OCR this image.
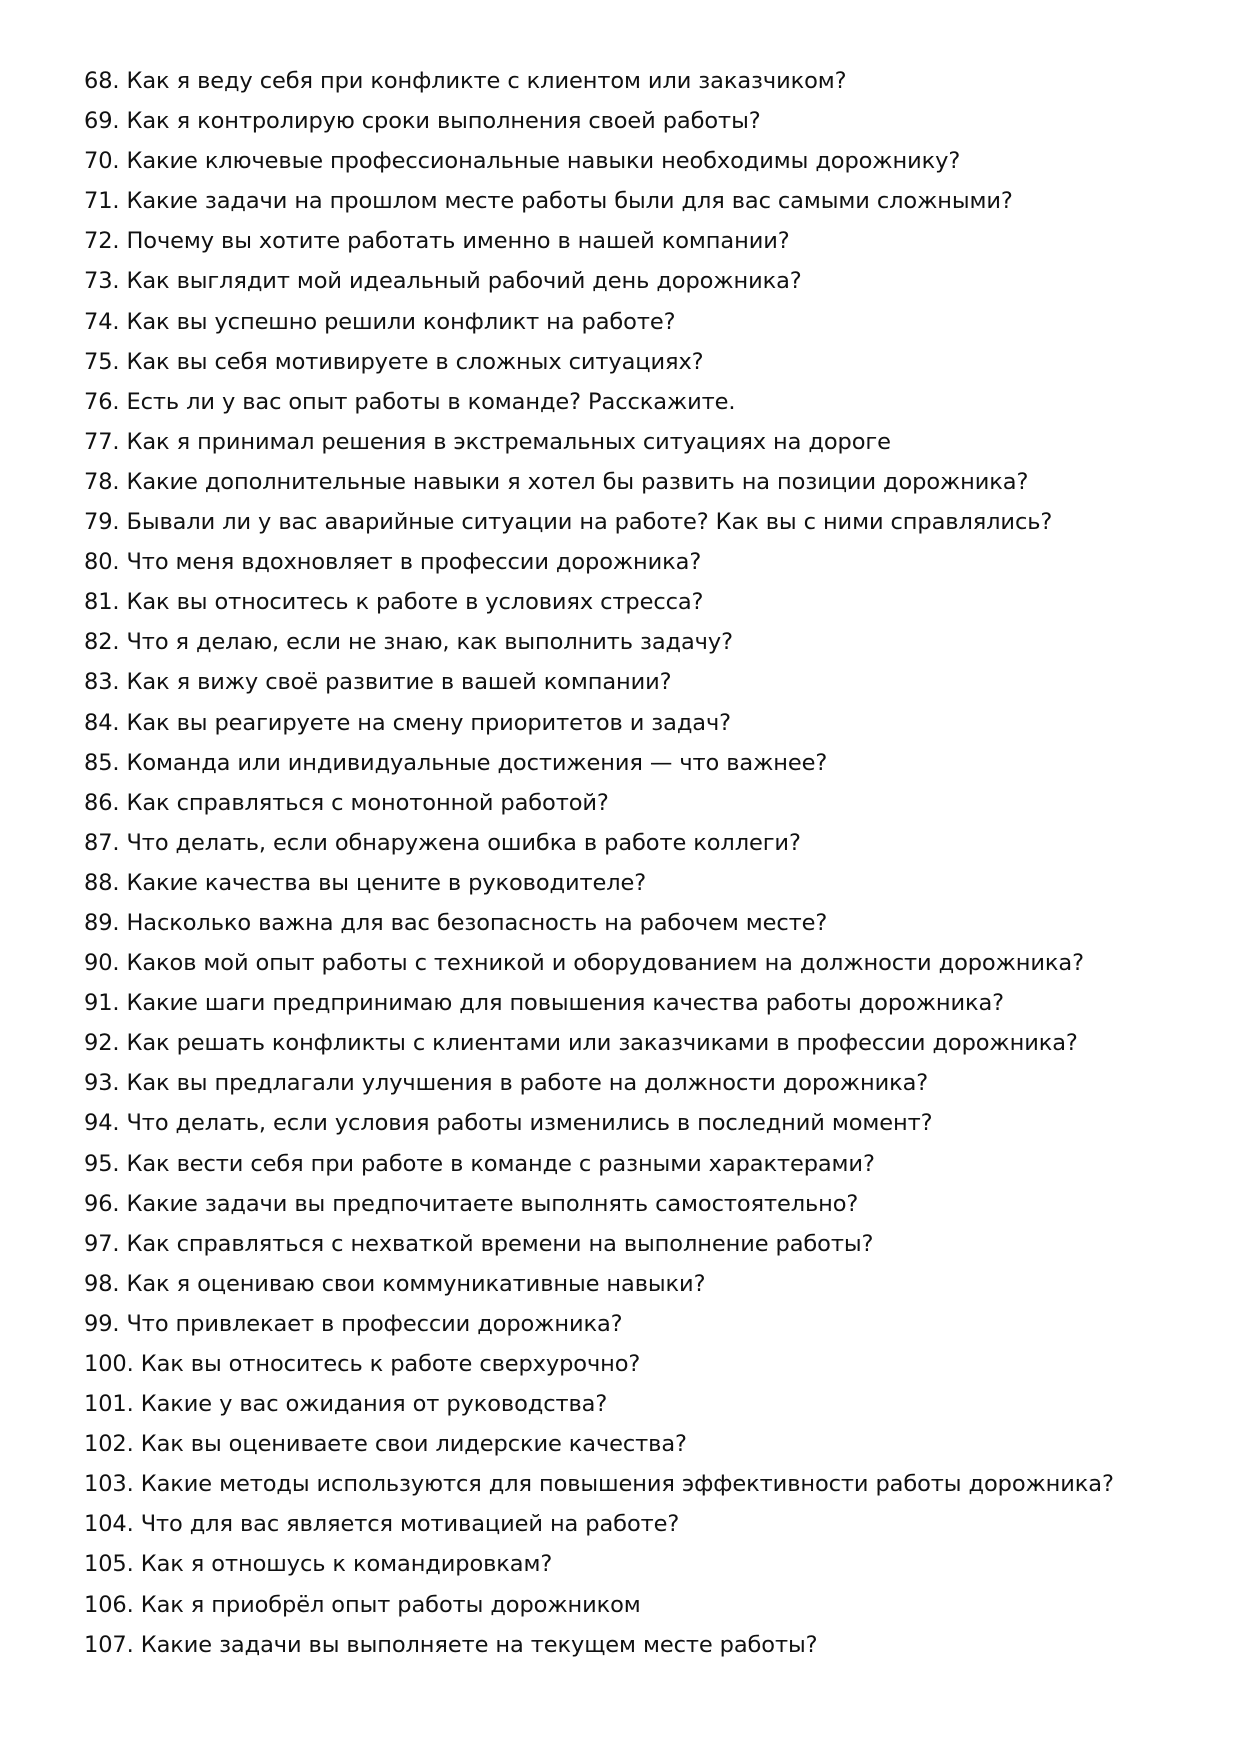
68. Как я веду себя при конфликте с клиентом или заказчиком?
69. Как я контролирую сроки выполнения своей работы?
70. Какие ключевые профессиональные навыки необходимы дорожнику?
71. Какие задачи на прошлом месте работы были для вас самыми сложными?
72. Почему вы хотите работать именно в нашей компании?
73. Как выглядит мой идеальный рабочий день дорожника?
74. Как вы успешно решили конфликт на работе?
75. Как вы себя мотивируете в сложных ситуациях?
76. Есть ли у вас опыт работы в команде? Расскажите.
77. Как я принимал решения в экстремальных ситуациях на дороге
78. Какие дополнительные навыки я хотел бы развить на позиции дорожника?
79. Бывали ли у вас аварийные ситуации на работе? Как вы с ними справлялись?
80. Что меня вдохновляет в профессии дорожника?
81. Как вы относитесь к работе в условиях стресса?
82. Что я делаю, если не знаю, как выполнить задачу?
83. Как я вижу своё развитие в вашей компании?
84. Как вы реагируете на смену приоритетов и задач?
85. Команда или индивидуальные достижения — что важнее?
86. Как справляться с монотонной работой?
87. Что делать, если обнаружена ошибка в работе коллеги?
88. Какие качества вы цените в руководителе?
89. Насколько важна для вас безопасность на рабочем месте?
90. Каков мой опыт работы с техникой и оборудованием на должности дорожника?
91. Какие шаги предпринимаю для повышения качества работы дорожника?
92. Как решать конфликты с клиентами или заказчиками в профессии дорожника?
93. Как вы предлагали улучшения в работе на должности дорожника?
94. Что делать, если условия работы изменились в последний момент?
95. Как вести себя при работе в команде с разными характерами?
96. Какие задачи вы предпочитаете выполнять самостоятельно?
97. Как справляться с нехваткой времени на выполнение работы?
98. Как я оцениваю свои коммуникативные навыки?
99. Что привлекает в профессии дорожника?
100. Как вы относитесь к работе сверхурочно?
101. Какие у вас ожидания от руководства?
102. Как вы оцениваете свои лидерские качества?
103. Какие методы используются для повышения эффективности работы дорожника?
104. Что для вас является мотивацией на работе?
105. Как я отношусь к командировкам?
106. Как я приобрёл опыт работы дорожником
107. Какие задачи вы выполняете на текущем месте работы?
